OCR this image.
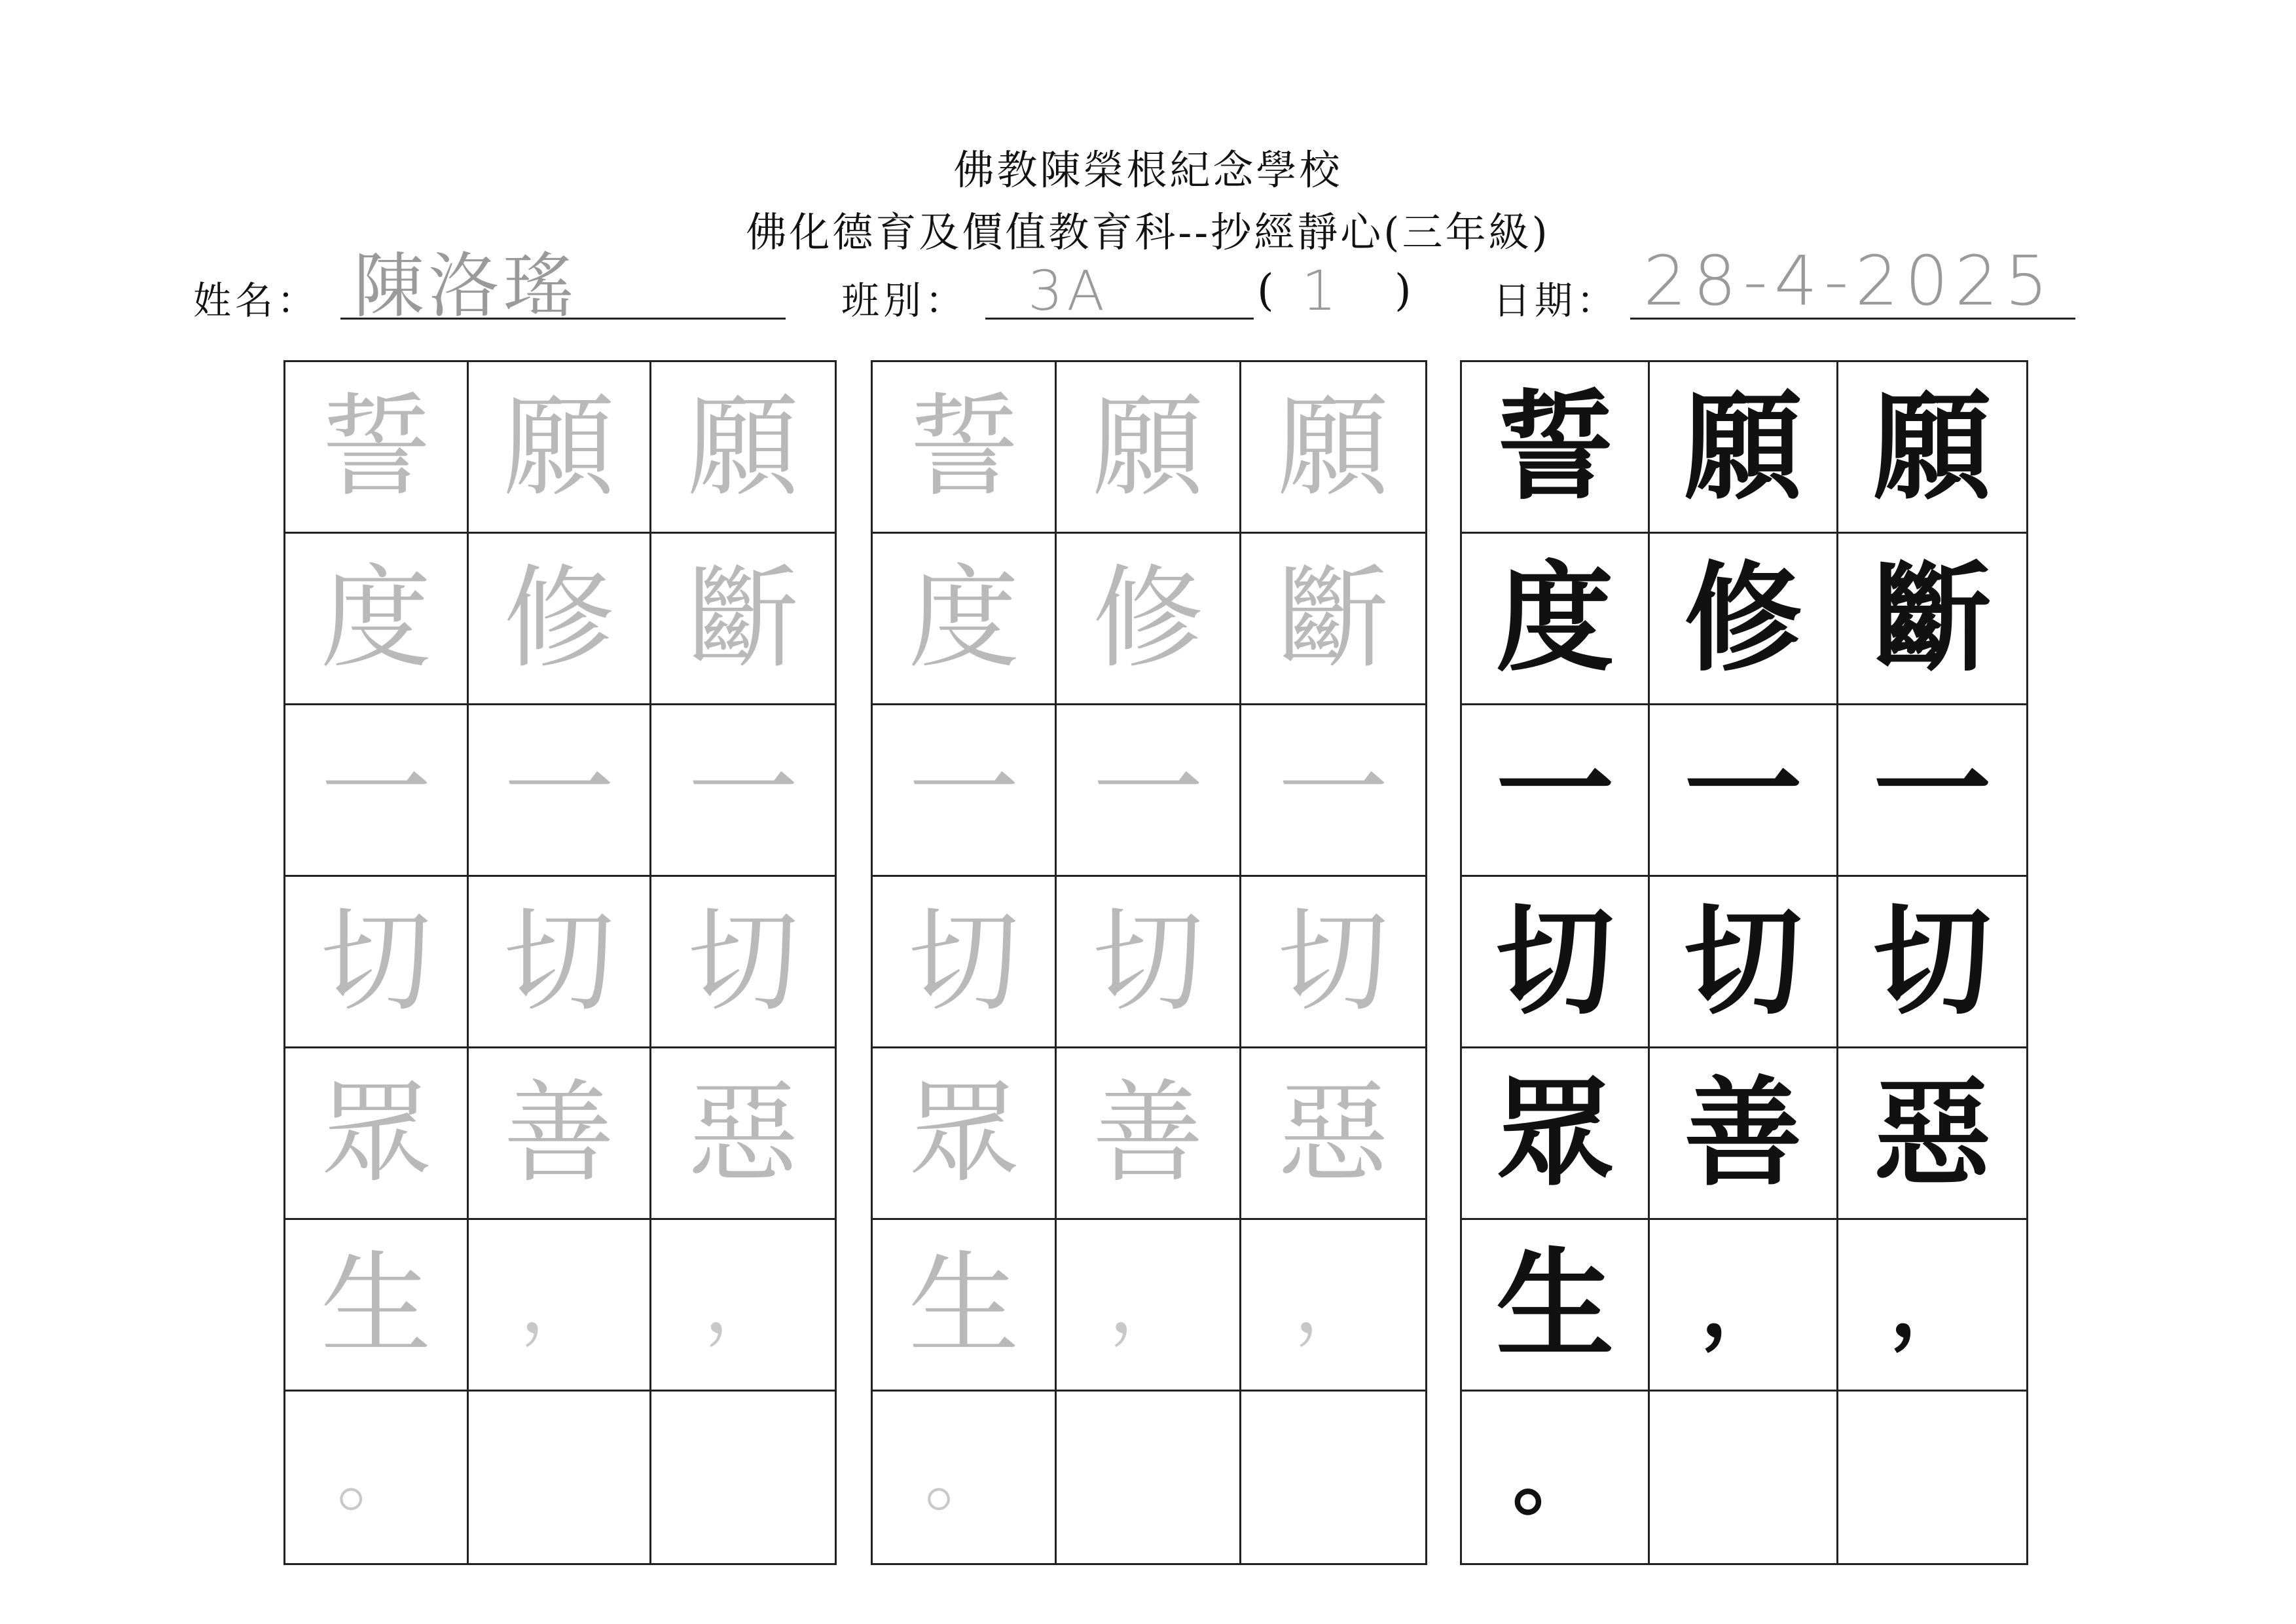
佛教陳榮根紀念學校
佛化德育及價值教育科--抄經靜心(三年級)
姓名： 陳洛瑤	班別： 3A	( 1 ) 日期： 28-4-2025
誓 願 願
度 修 斷
一 一 一
切 切 切
眾 善 惡
生 ， ，
。
誓 願 願
度 修 斷
一 一 一
切 切 切
眾 善 惡
生 ， ，
。
誓 願 願
度 修 斷
一 一 一
切 切 切
眾 善 惡
生 ， ，
。
